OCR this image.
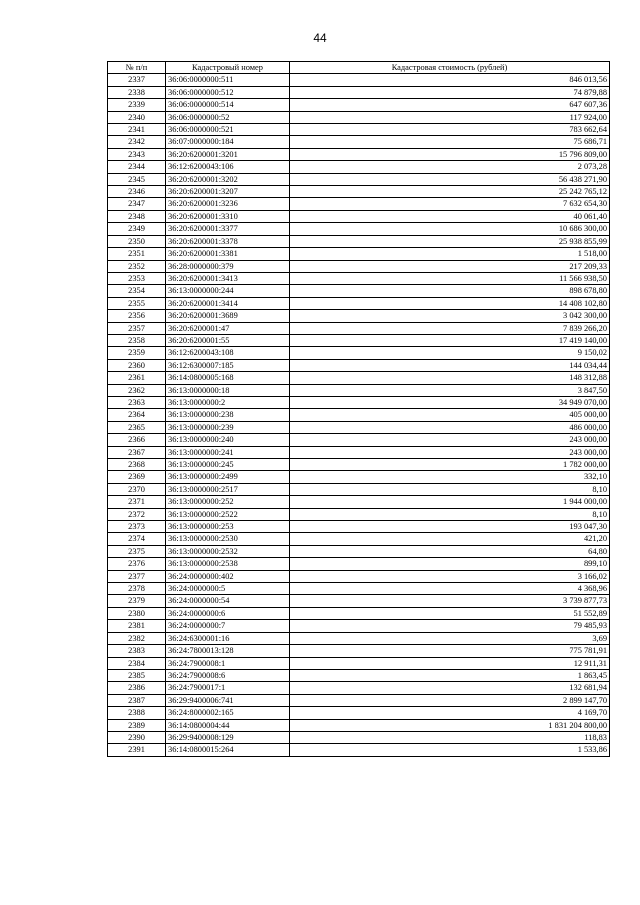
44
№ п/п	Кадастровый номер	Кадастровая стоимость (рублей)
2337	36:06:0000000:511	846 013,56
2338	36:06:0000000:512	74 879,88
2339	36:06:0000000:514	647 607,36
2340	36:06:0000000:52	117 924,00
2341	36:06:0000000:521	783 662,64
2342	36:07:0000000:184	75 686,71
2343	36:20:6200001:3201	15 796 809,00
2344	36:12:6200043:106	2 073,28
2345	36:20:6200001:3202	56 438 271,90
2346	36:20:6200001:3207	25 242 765,12
2347	36:20:6200001:3236	7 632 654,30
2348	36:20:6200001:3310	40 061,40
2349	36:20:6200001:3377	10 686 300,00
2350	36:20:6200001:3378	25 938 855,99
2351	36:20:6200001:3381	1 518,00
2352	36:28:0000000:379	217 209,33
2353	36:20:6200001:3413	11 566 938,50
2354	36:13:0000000:244	898 678,80
2355	36:20:6200001:3414	14 408 102,80
2356	36:20:6200001:3689	3 042 300,00
2357	36:20:6200001:47	7 839 266,20
2358	36:20:6200001:55	17 419 140,00
2359	36:12:6200043:108	9 150,02
2360	36:12:6300007:185	144 034,44
2361	36:14:0800005:168	148 312,88
2362	36:13:0000000:18	3 847,50
2363	36:13:0000000:2	34 949 070,00
2364	36:13:0000000:238	405 000,00
2365	36:13:0000000:239	486 000,00
2366	36:13:0000000:240	243 000,00
2367	36:13:0000000:241	243 000,00
2368	36:13:0000000:245	1 782 000,00
2369	36:13:0000000:2499	332,10
2370	36:13:0000000:2517	8,10
2371	36:13:0000000:252	1 944 000,00
2372	36:13:0000000:2522	8,10
2373	36:13:0000000:253	193 047,30
2374	36:13:0000000:2530	421,20
2375	36:13:0000000:2532	64,80
2376	36:13:0000000:2538	899,10
2377	36:24:0000000:402	3 166,02
2378	36:24:0000000:5	4 368,96
2379	36:24:0000000:54	3 739 877,73
2380	36:24:0000000:6	51 552,89
2381	36:24:0000000:7	79 485,93
2382	36:24:6300001:16	3,69
2383	36:24:7800013:128	775 781,91
2384	36:24:7900008:1	12 911,31
2385	36:24:7900008:6	1 863,45
2386	36:24:7900017:1	132 681,94
2387	36:29:9400006:741	2 899 147,70
2388	36:24:8000002:165	4 169,70
2389	36:14:0800004:44	1 831 204 800,00
2390	36:29:9400008:129	118,83
2391	36:14:0800015:264	1 533,86
